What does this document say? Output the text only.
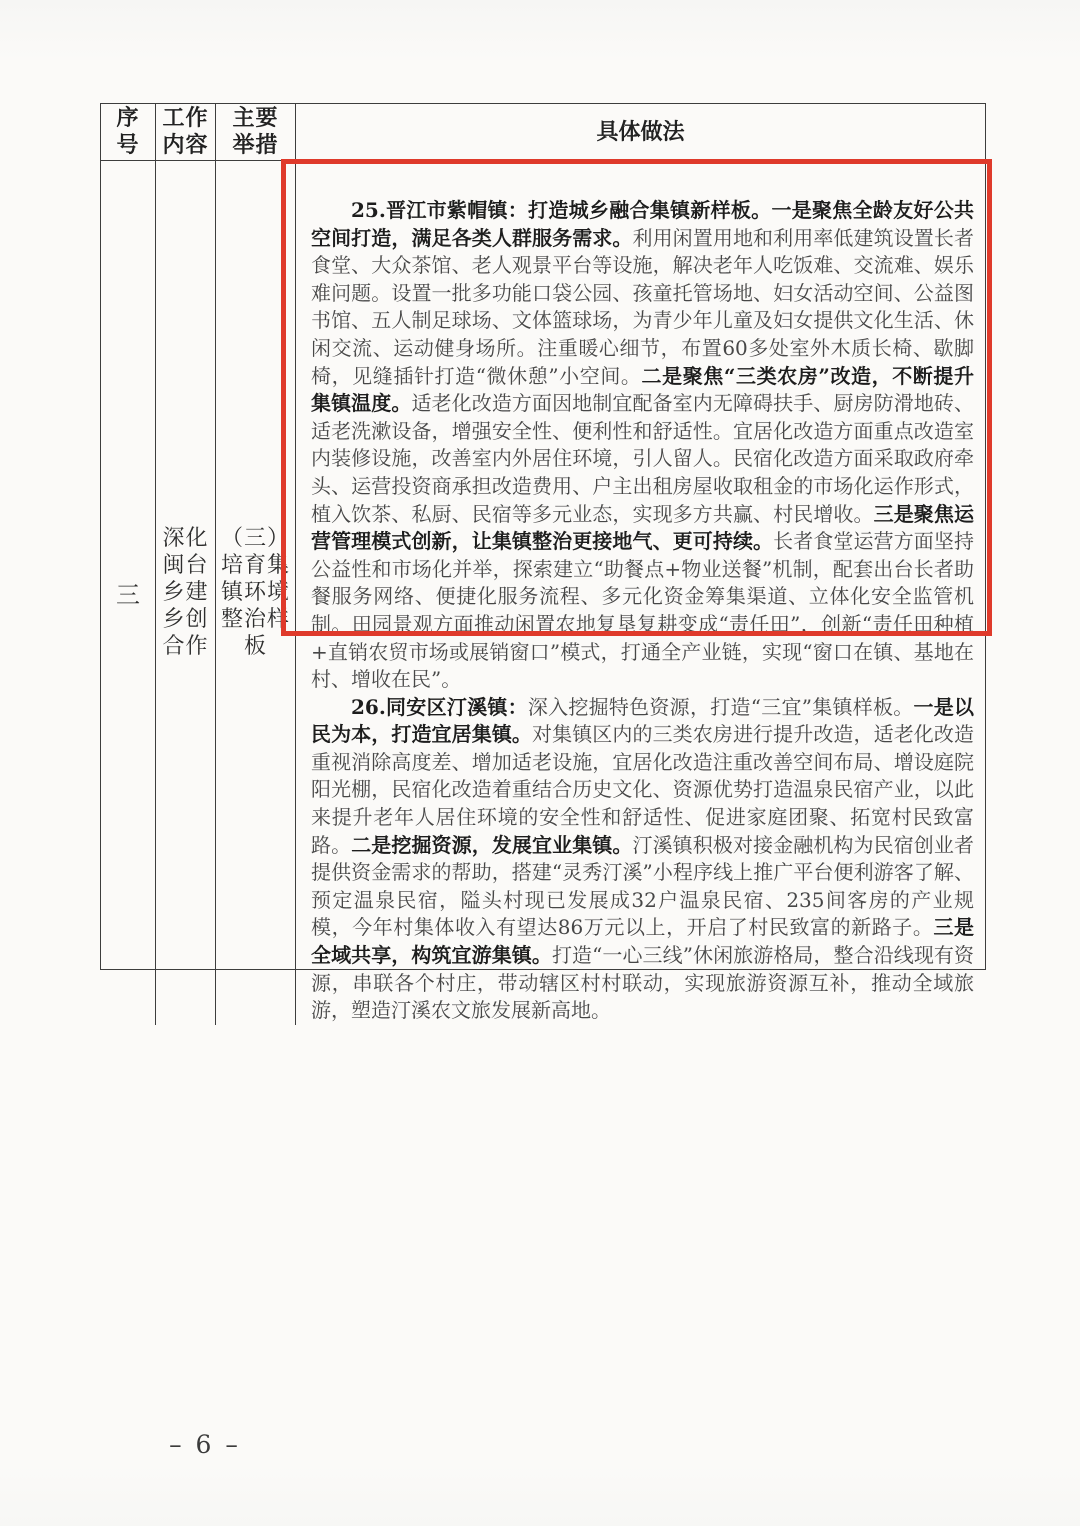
序
号
工作
内容
主要
举措	具体做法
三
深化
闽台
乡建
乡创
合作
（三）
培育集
镇环境
整治样
板

25.晋江市紫帽镇：打造城乡融合集镇新样板。一是聚焦全龄友好公共空间打造，满足各类人群服务需求。利用闲置用地和利用率低建筑设置长者食堂、大众茶馆、老人观景平台等设施，解决老年人吃饭难、交流难、娱乐难问题。设置一批多功能口袋公园、孩童托管场地、妇女活动空间、公益图书馆、五人制足球场、文体篮球场，为青少年儿童及妇女提供文化生活、休闲交流、运动健身场所。注重暖心细节，布置60多处室外木质长椅、歇脚椅，见缝插针打造“微休憩”小空间。二是聚焦“三类农房”改造，不断提升集镇温度。适老化改造方面因地制宜配备室内无障碍扶手、厨房防滑地砖、适老洗漱设备，增强安全性、便利性和舒适性。宜居化改造方面重点改造室内装修设施，改善室内外居住环境，引人留人。民宿化改造方面采取政府牵头、运营投资商承担改造费用、户主出租房屋收取租金的市场化运作形式，植入饮茶、私厨、民宿等多元业态，实现多方共赢、村民增收。三是聚焦运营管理模式创新，让集镇整治更接地气、更可持续。长者食堂运营方面坚持公益性和市场化并举，探索建立“助餐点+物业送餐”机制，配套出台长者助餐服务网络、便捷化服务流程、多元化资金筹集渠道、立体化安全监管机制。田园景观方面推动闲置农地复垦复耕变成“责任田”，创新“责任田种植+直销农贸市场或展销窗口”模式，打通全产业链，实现“窗口在镇、基地在村、增收在民”。

26.同安区汀溪镇：深入挖掘特色资源，打造“三宜”集镇样板。一是以民为本，打造宜居集镇。对集镇区内的三类农房进行提升改造，适老化改造重视消除高度差、增加适老设施，宜居化改造注重改善空间布局、增设庭院阳光棚，民宿化改造着重结合历史文化、资源优势打造温泉民宿产业，以此来提升老年人居住环境的安全性和舒适性、促进家庭团聚、拓宽村民致富路。二是挖掘资源，发展宜业集镇。汀溪镇积极对接金融机构为民宿创业者提供资金需求的帮助，搭建“灵秀汀溪”小程序线上推广平台便利游客了解、预定温泉民宿，隘头村现已发展成32户温泉民宿、235间客房的产业规模，今年村集体收入有望达86万元以上，开启了村民致富的新路子。三是全域共享，构筑宜游集镇。打造“一心三线”休闲旅游格局，整合沿线现有资源，串联各个村庄，带动辖区村村联动，实现旅游资源互补，推动全域旅游，塑造汀溪农文旅发展新高地。

– 6 –
